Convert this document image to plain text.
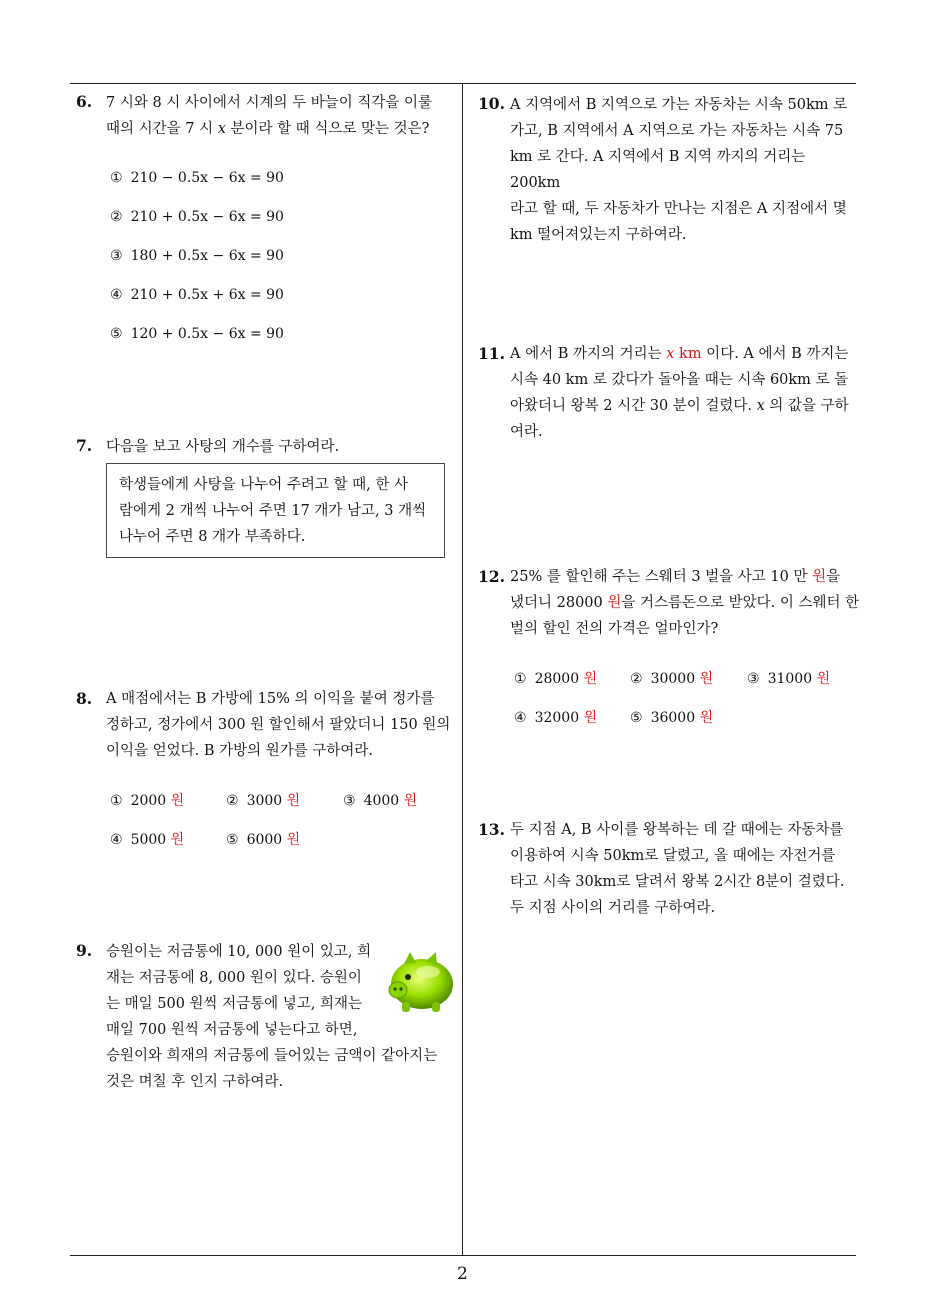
6. 7 시와 8 시 사이에서 시계의 두 바늘이 직각을 이룰
때의 시간을 7 시 x 분이라 할 때 식으로 맞는 것은?
① 210 − 0.5x − 6x = 90
② 210 + 0.5x − 6x = 90
③ 180 + 0.5x − 6x = 90
④ 210 + 0.5x + 6x = 90
⑤ 120 + 0.5x − 6x = 90
7. 다음을 보고 사탕의 개수를 구하여라.
학생들에게 사탕을 나누어 주려고 할 때, 한 사
람에게 2 개씩 나누어 주면 17 개가 남고, 3 개씩
나누어 주면 8 개가 부족하다.
8. A 매점에서는 B 가방에 15% 의 이익을 붙여 정가를
정하고, 정가에서 300 원 할인해서 팔았더니 150 원의
이익을 얻었다. B 가방의 원가를 구하여라.
① 2000 원	② 3000 원	③ 4000 원
④ 5000 원	⑤ 6000 원
9. 승원이는 저금통에 10, 000 원이 있고, 희
재는 저금통에 8, 000 원이 있다. 승원이
는 매일 500 원씩 저금통에 넣고, 희재는
매일 700 원씩 저금통에 넣는다고 하면,
승원이와 희재의 저금통에 들어있는 금액이 같아지는
것은 며칠 후 인지 구하여라.
10. A 지역에서 B 지역으로 가는 자동차는 시속 50km 로
가고, B 지역에서 A 지역으로 가는 자동차는 시속 75
km 로 간다. A 지역에서 B 지역 까지의 거리는 200km
라고 할 때, 두 자동차가 만나는 지점은 A 지점에서 몇
km 떨어져있는지 구하여라.
11. A 에서 B 까지의 거리는 x km 이다. A 에서 B 까지는
시속 40 km 로 갔다가 돌아올 때는 시속 60km 로 돌
아왔더니 왕복 2 시간 30 분이 걸렸다. x 의 값을 구하
여라.
12. 25% 를 할인해 주는 스웨터 3 벌을 사고 10 만 원을
냈더니 28000 원을 거스름돈으로 받았다. 이 스웨터 한
벌의 할인 전의 가격은 얼마인가?
① 28000 원 ② 30000 원 ③ 31000 원
④ 32000 원 ⑤ 36000 원
13. 두 지점 A, B 사이를 왕복하는 데 갈 때에는 자동차를
이용하여 시속 50km로 달렸고, 올 때에는 자전거를
타고 시속 30km로 달려서 왕복 2시간 8분이 걸렸다.
두 지점 사이의 거리를 구하여라.
2
